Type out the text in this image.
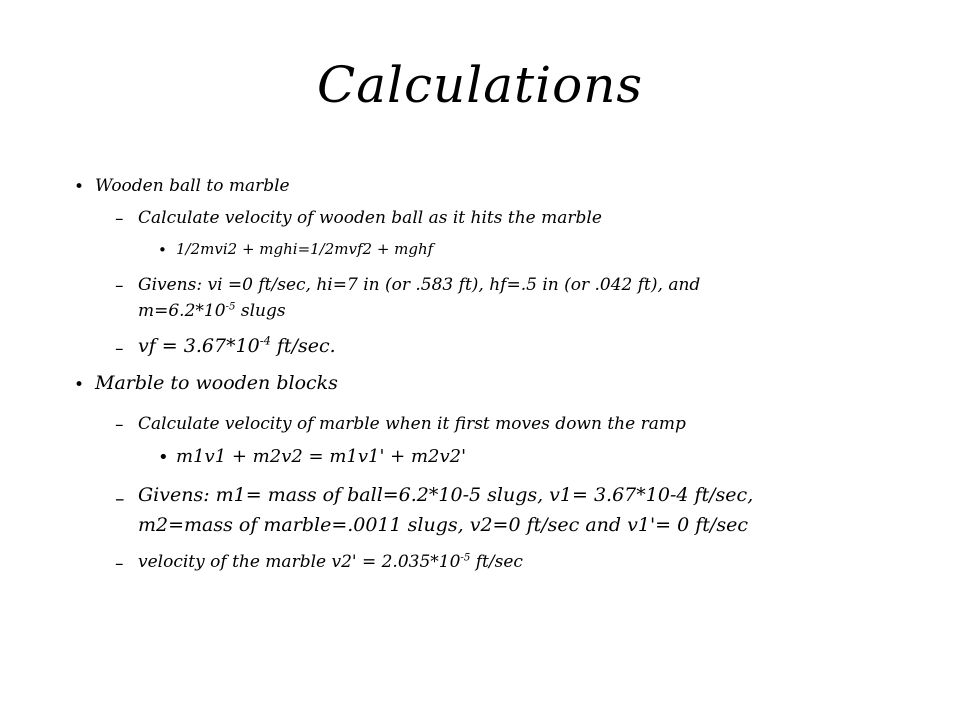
Calculations
• Wooden ball to marble
– Calculate velocity of wooden ball as it hits the marble
• 1/2mvi2 + mghi=1/2mvf2 + mghf
– Givens: vi =0 ft/sec, hi=7 in (or .583 ft), hf=.5 in (or .042 ft), and
$m=6.2*10^{-5}$ slugs
– vf = $3.67*10^{-4}$ ft/sec.
• Marble to wooden blocks
– Calculate velocity of marble when it first moves down the ramp
• m1v1 + m2v2 = m1v1' + m2v2'
– Givens: m1= mass of ball=6.2*10-5 slugs, v1= 3.67*10-4 ft/sec,
m2=mass of marble=.0011 slugs, v2=0 ft/sec and v1'= 0 ft/sec
– velocity of the marble $v2' = 2.035*10^{-5}$ ft/sec
